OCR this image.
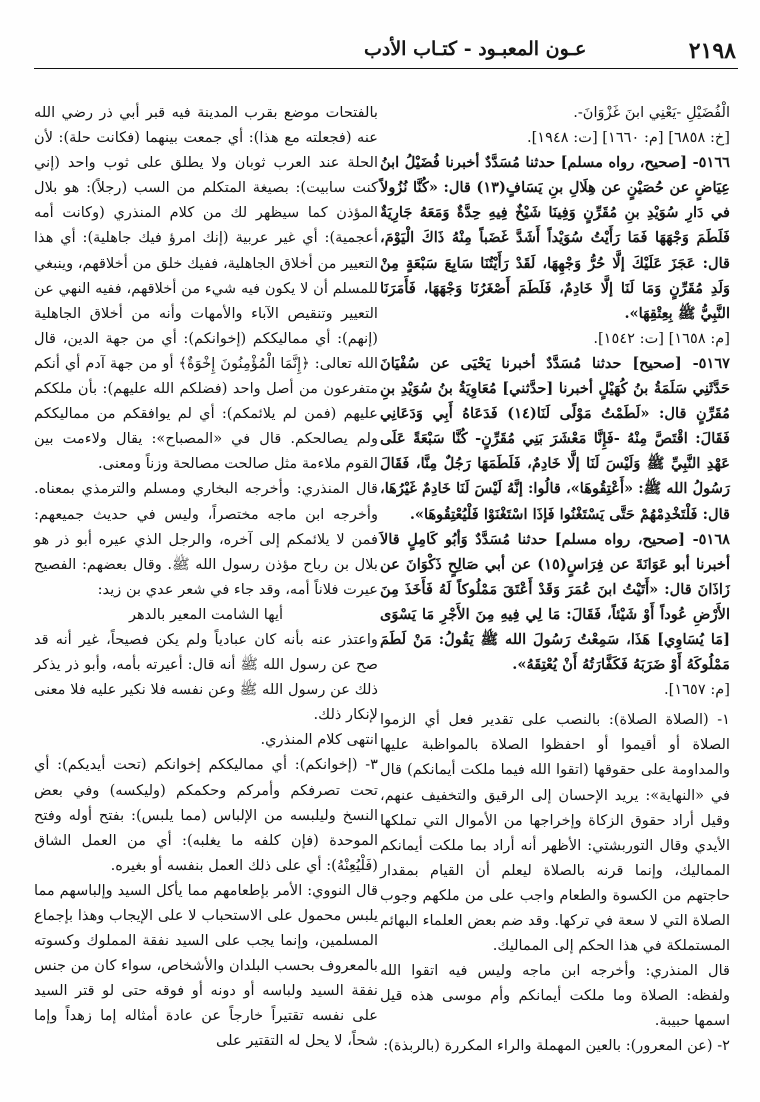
٢١٩٨
عـون المعبـود - كتـاب الأدب

الْفُضَيْلِ -يَعْنِي ابنَ غَزْوَانَ-.

[خ: ٦٨٥٨] [م: ١٦٦٠] [ت: ١٩٤٨].

٥١٦٦- [صحيح، رواه مسلم] حدثنا مُسَدَّدٌ أخبرنا فُضَيْلُ ابنُ عِيَاضٍ عن حُصَيْنٍ عن هِلَالِ بنِ يَسَافٍ(١٣) قال: «كُنَّا نُزُولاً في دَارِ سُوَيْدِ بنِ مُقَرِّنٍ وَفِينَا شَيْخٌ فِيهِ حِدَّةٌ وَمَعَهُ جَارِيَةٌ فَلَطَمَ وَجْهَهَا فَمَا رَأَيْتُ سُوَيْداً أَشَدَّ غَضَباً مِنْهُ ذَاكَ الْيَوْمَ، قال: عَجَزَ عَلَيْكَ إلَّا حُرُّ وَجْهِهَا، لَقَدْ رَأَيْتُنَا سَابِعَ سَبْعَةٍ مِنْ وَلَدِ مُقَرِّنٍ وَمَا لَنَا إلَّا خَادِمٌ، فَلَطَمَ أَصْغَرُنَا وَجْهَهَا، فَأَمَرَنَا النَّبِيُّ ﷺ بِعِتْقِهَا».

[م: ١٦٥٨] [ت: ١٥٤٢].

٥١٦٧- [صحيح] حدثنا مُسَدَّدٌ أخبرنا يَحْيَى عن سُفْيَانَ حَدَّثَنِي سَلَمَةُ بنُ كُهَيْلٍ أخبرنا [حدَّثني] مُعَاوِيَةُ بنُ سُوَيْدِ بنِ مُقَرِّنٍ قال: «لَطَمْتُ مَوْلًى لَنَا(١٤) فَدَعَاهُ أَبِي وَدَعَانِي فَقَالَ: اقْتَصَّ مِنْهُ -فَإِنَّا مَعْشَرَ بَنِي مُقَرِّنٍ- كُنَّا سَبْعَةً عَلَى عَهْدِ النَّبِيِّ ﷺ وَلَيْسَ لَنَا إلَّا خَادِمٌ، فَلَطَمَهَا رَجُلٌ مِنَّا، فَقَالَ رَسُولُ الله ﷺ: «أَعْتِقُوهَا»، قالُوا: إنَّهُ لَيْسَ لَنَا خَادِمٌ غَيْرُهَا، قال: فَلْتَخْدِمْهُمْ حَتَّى يَسْتَغْنُوا فَإذَا اسْتَغْنَوْا فَلْيُعْتِقُوهَا».

٥١٦٨- [صحيح، رواه مسلم] حدثنا مُسَدَّدٌ وَأبُو كَامِلٍ قالاَ أخبرنا أبو عَوَانَةَ عن فِرَاسٍ(١٥) عن أبي صَالِحٍ ذَكْوَانَ عن زَاذَانَ قال: «أَتَيْتُ ابنَ عُمَرَ وَقَدْ أَعْتَقَ مَمْلُوكاً لَهُ فَأَخَذَ مِنَ الأَرْضِ عُوداً أَوْ شَيْئاً، فَقَالَ: مَا لِي فِيهِ مِنَ الأَجْرِ مَا يَسْوَى [مَا يُسَاوِي] هَذَا، سَمِعْتُ رَسُولَ الله ﷺ يَقُولُ: مَنْ لَطَمَ مَمْلُوكَهُ أَوْ ضَرَبَهُ فَكَفَّارَتُهُ أَنْ يُعْتِقَهُ».

[م: ١٦٥٧].

١- (الصلاة الصلاة): بالنصب على تقدير فعل أي الزموا الصلاة أو أقيموا أو احفظوا الصلاة بالمواظبة عليها والمداومة على حقوقها (اتقوا الله فيما ملكت أيمانكم) قال في «النهاية»: يريد الإحسان إلى الرقيق والتخفيف عنهم، وقيل أراد حقوق الزكاة وإخراجها من الأموال التي تملكها الأيدي وقال التوربشتي: الأظهر أنه أراد بما ملكت أيمانكم المماليك، وإنما قرنه بالصلاة ليعلم أن القيام بمقدار حاجتهم من الكسوة والطعام واجب على من ملكهم وجوب الصلاة التي لا سعة في تركها. وقد ضم بعض العلماء البهائم المستملكة في هذا الحكم إلى المماليك.

قال المنذري: وأخرجه ابن ماجه وليس فيه اتقوا الله ولفظه: الصلاة وما ملكت أيمانكم وأم موسى هذه قيل اسمها حبيبة.

٢- (عن المعرور): بالعين المهملة والراء المكررة (بالربذة):

بالفتحات موضع بقرب المدينة فيه قبر أبي ذر رضي الله عنه (فجعلته مع هذا): أي جمعت بينهما (فكانت حلة): لأن الحلة عند العرب ثوبان ولا يطلق على ثوب واحد (إني كنت سابيت): بصيغة المتكلم من السب (رجلاً): هو بلال المؤذن كما سيظهر لك من كلام المنذري (وكانت أمه أعجمية): أي غير عربية (إنك امرؤ فيك جاهلية): أي هذا التعيير من أخلاق الجاهلية، ففيك خلق من أخلاقهم، وينبغي للمسلم أن لا يكون فيه شيء من أخلاقهم، ففيه النهي عن التعيير وتنقيص الآباء والأمهات وأنه من أخلاق الجاهلية (إنهم): أي مماليككم (إخوانكم): أي من جهة الدين، قال الله تعالى: ﴿إِنَّمَا الْمُؤْمِنُونَ إِخْوَةٌ﴾ أو من جهة آدم أي أنكم متفرعون من أصل واحد (فضلكم الله عليهم): بأن ملككم عليهم (فمن لم يلائمكم): أي لم يوافقكم من مماليككم ولم يصالحكم. قال في «المصباح»: يقال ولاءمت بين القوم ملاءمة مثل صالحت مصالحة وزناً ومعنى.

قال المنذري: وأخرجه البخاري ومسلم والترمذي بمعناه. وأخرجه ابن ماجه مختصراً، وليس في حديث جميعهم: فمن لا يلائمكم إلى آخره، والرجل الذي عيره أبو ذر هو بلال بن رباح مؤذن رسول الله ﷺ. وقال بعضهم: الفصيح عيرت فلاناً أمه، وقد جاء في شعر عدي بن زيد:

أيها الشامت المعير بالدهر

واعتذر عنه بأنه كان عبادياً ولم يكن فصيحاً، غير أنه قد صح عن رسول الله ﷺ أنه قال: أعيرته بأمه، وأبو ذر يذكر ذلك عن رسول الله ﷺ وعن نفسه فلا نكير عليه فلا معنى لإنكار ذلك.

انتهى كلام المنذري.

٣- (إخوانكم): أي مماليككم إخوانكم (تحت أيديكم): أي تحت تصرفكم وأمركم وحكمكم (وليكسه) وفي بعض النسخ وليلبسه من الإلباس (مما يلبس): بفتح أوله وفتح الموحدة (فإن كلفه ما يغلبه): أي من العمل الشاق (فَلْيُعِنْهُ): أي على ذلك العمل بنفسه أو بغيره.

قال النووي: الأمر بإطعامهم مما يأكل السيد وإلباسهم مما يلبس محمول على الاستحباب لا على الإيجاب وهذا بإجماع المسلمين، وإنما يجب على السيد نفقة المملوك وكسوته بالمعروف بحسب البلدان والأشخاص، سواء كان من جنس نفقة السيد ولباسه أو دونه أو فوقه حتى لو قتر السيد على نفسه تقتيراً خارجاً عن عادة أمثاله إما زهداً وإما شحاً، لا يحل له التقتير على
